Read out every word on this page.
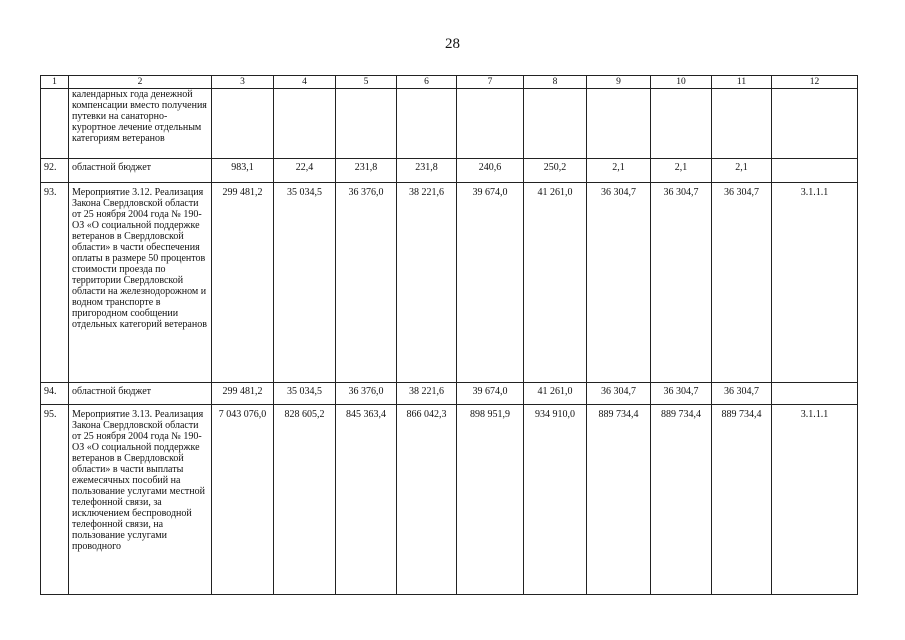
28
1	2	3	4	5	6	7	8	9	10	11	12
	календарных года денежной компенсации вместо получения путевки на санаторно-курортное лечение отдельным категориям ветеранов										
92.	областной бюджет	983,1	22,4	231,8	231,8	240,6	250,2	2,1	2,1	2,1	
93.	Мероприятие 3.12. Реализация Закона Свердловской области от 25 ноября 2004 года № 190-ОЗ «О социальной поддержке ветеранов в Свердловской области» в части обеспечения оплаты в размере 50 процентов стоимости проезда по территории Свердловской области на железнодорожном и водном транспорте в пригородном сообщении отдельных категорий ветеранов	299 481,2	35 034,5	36 376,0	38 221,6	39 674,0	41 261,0	36 304,7	36 304,7	36 304,7	3.1.1.1
94.	областной бюджет	299 481,2	35 034,5	36 376,0	38 221,6	39 674,0	41 261,0	36 304,7	36 304,7	36 304,7	
95.	Мероприятие 3.13. Реализация Закона Свердловской области от 25 ноября 2004 года № 190-ОЗ «О социальной поддержке ветеранов в Свердловской области» в части выплаты ежемесячных пособий на пользование услугами местной телефонной связи, за исключением беспроводной телефонной связи, на пользование услугами проводного	7 043 076,0	828 605,2	845 363,4	866 042,3	898 951,9	934 910,0	889 734,4	889 734,4	889 734,4	3.1.1.1
